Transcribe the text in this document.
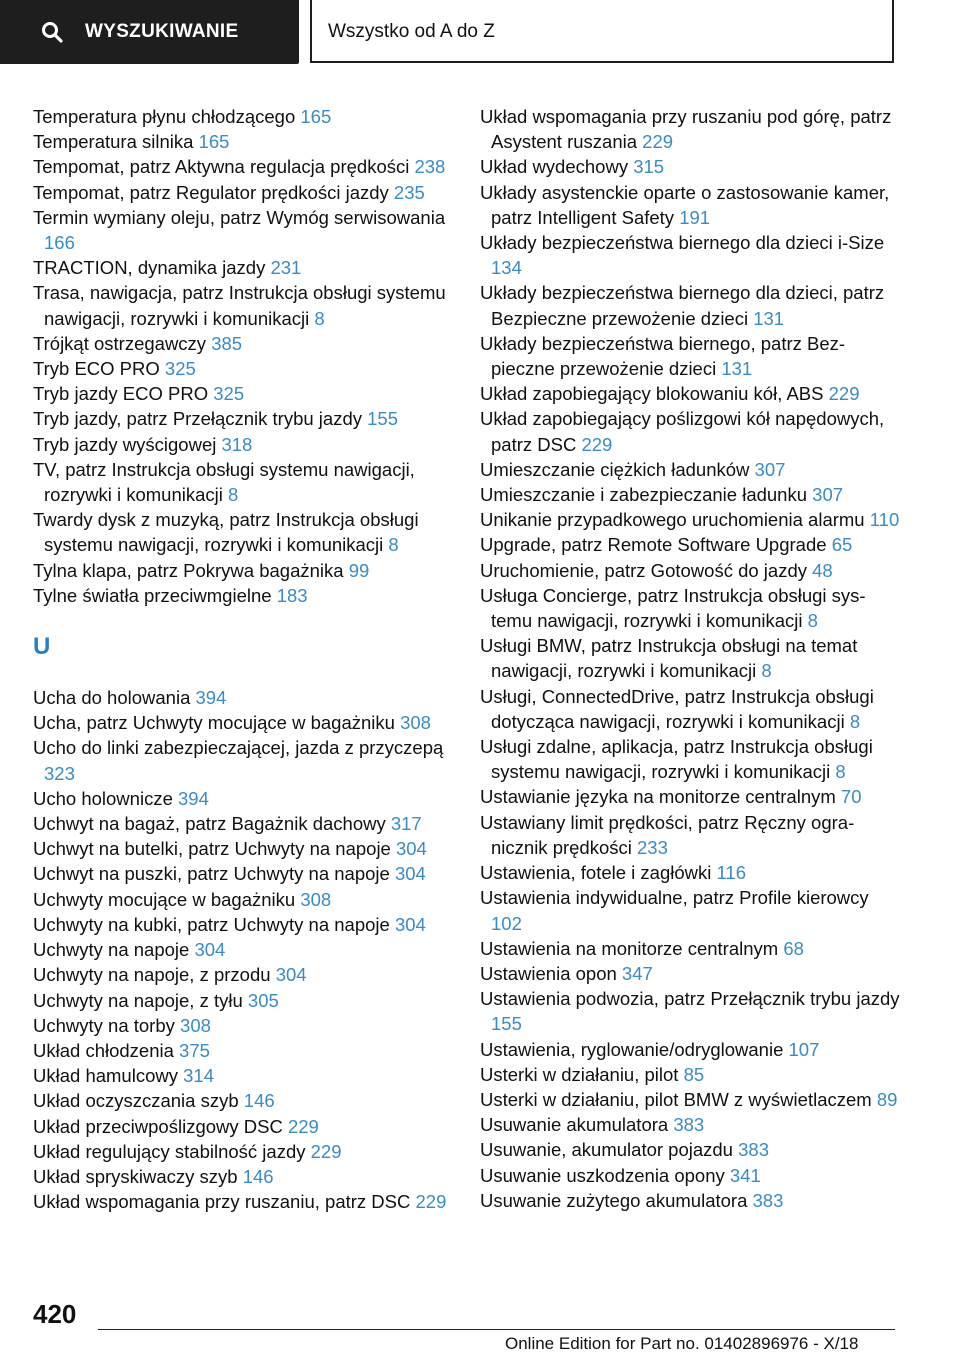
WYSZUKIWANIE	Wszystko od A do Z
Temperatura płynu chłodzącego 165
Temperatura silnika 165
Tempomat, patrz Aktywna regulacja prędkości 238
Tempomat, patrz Regulator prędkości jazdy 235
Termin wymiany oleju, patrz Wymóg serwisowania 166
TRACTION, dynamika jazdy 231
Trasa, nawigacja, patrz Instrukcja obsługi systemu nawigacji, rozrywki i komunikacji 8
Trójkąt ostrzegawczy 385
Tryb ECO PRO 325
Tryb jazdy ECO PRO 325
Tryb jazdy, patrz Przełącznik trybu jazdy 155
Tryb jazdy wyścigowej 318
TV, patrz Instrukcja obsługi systemu nawigacji, rozrywki i komunikacji 8
Twardy dysk z muzyką, patrz Instrukcja obsługi systemu nawigacji, rozrywki i komunikacji 8
Tylna klapa, patrz Pokrywa bagażnika 99
Tylne światła przeciwmgielne 183
U
Ucha do holowania 394
Ucha, patrz Uchwyty mocujące w bagażniku 308
Ucho do linki zabezpieczającej, jazda z przyczepą 323
Ucho holownicze 394
Uchwyt na bagaż, patrz Bagażnik dachowy 317
Uchwyt na butelki, patrz Uchwyty na napoje 304
Uchwyt na puszki, patrz Uchwyty na napoje 304
Uchwyty mocujące w bagażniku 308
Uchwyty na kubki, patrz Uchwyty na napoje 304
Uchwyty na napoje 304
Uchwyty na napoje, z przodu 304
Uchwyty na napoje, z tyłu 305
Uchwyty na torby 308
Układ chłodzenia 375
Układ hamulcowy 314
Układ oczyszczania szyb 146
Układ przeciwpoślizgowy DSC 229
Układ regulujący stabilność jazdy 229
Układ spryskiwaczy szyb 146
Układ wspomagania przy ruszaniu, patrz DSC 229
Układ wspomagania przy ruszaniu pod górę, patrz Asystent ruszania 229
Układ wydechowy 315
Układy asystenckie oparte o zastosowanie kamer, patrz Intelligent Safety 191
Układy bezpieczeństwa biernego dla dzieci i-Size 134
Układy bezpieczeństwa biernego dla dzieci, patrz Bezpieczne przewożenie dzieci 131
Układy bezpieczeństwa biernego, patrz Bezpieczne przewożenie dzieci 131
Układ zapobiegający blokowaniu kół, ABS 229
Układ zapobiegający poślizgowi kół napędowych, patrz DSC 229
Umieszczanie ciężkich ładunków 307
Umieszczanie i zabezpieczanie ładunku 307
Unikanie przypadkowego uruchomienia alarmu 110
Upgrade, patrz Remote Software Upgrade 65
Uruchomienie, patrz Gotowość do jazdy 48
Usługa Concierge, patrz Instrukcja obsługi systemu nawigacji, rozrywki i komunikacji 8
Usługi BMW, patrz Instrukcja obsługi na temat nawigacji, rozrywki i komunikacji 8
Usługi, ConnectedDrive, patrz Instrukcja obsługi dotycząca nawigacji, rozrywki i komunikacji 8
Usługi zdalne, aplikacja, patrz Instrukcja obsługi systemu nawigacji, rozrywki i komunikacji 8
Ustawianie języka na monitorze centralnym 70
Ustawiany limit prędkości, patrz Ręczny ogranicznik prędkości 233
Ustawienia, fotele i zagłówki 116
Ustawienia indywidualne, patrz Profile kierowcy 102
Ustawienia na monitorze centralnym 68
Ustawienia opon 347
Ustawienia podwozia, patrz Przełącznik trybu jazdy 155
Ustawienia, ryglowanie/odryglowanie 107
Usterki w działaniu, pilot 85
Usterki w działaniu, pilot BMW z wyświetlaczem 89
Usuwanie akumulatora 383
Usuwanie, akumulator pojazdu 383
Usuwanie uszkodzenia opony 341
Usuwanie zużytego akumulatora 383
420
Online Edition for Part no. 01402896976 - X/18
